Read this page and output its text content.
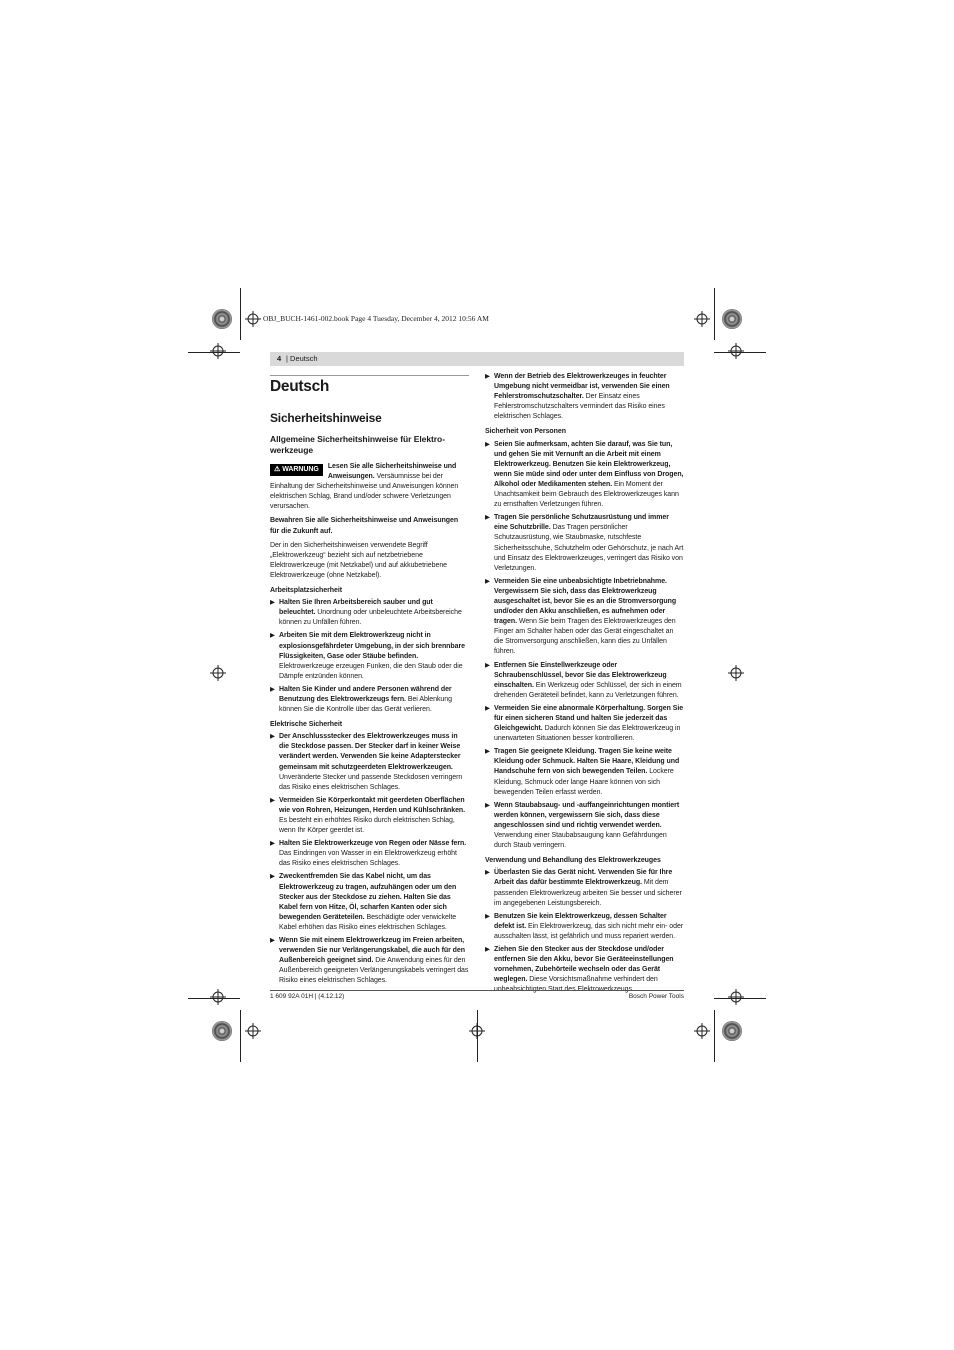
OBJ_BUCH-1461-002.book Page 4 Tuesday, December 4, 2012 10:56 AM
4 | Deutsch
Deutsch
Sicherheitshinweise
Allgemeine Sicherheitshinweise für Elektro-werkzeuge

⚠ WARNUNG	Lesen Sie alle Sicherheitshinweise und Anweisungen. Versäumnisse bei der Einhaltung der Sicherheitshinweise und Anweisungen können elektrischen Schlag, Brand und/oder schwere Verletzungen verursachen.

Bewahren Sie alle Sicherheitshinweise und Anweisungen für die Zukunft auf.

Der in den Sicherheitshinweisen verwendete Begriff „Elektrowerkzeug“ bezieht sich auf netzbetriebene Elektrowerkzeuge (mit Netzkabel) und auf akkubetriebene Elektrowerkzeuge (ohne Netzkabel).

Arbeitsplatzsicherheit
▶ Halten Sie Ihren Arbeitsbereich sauber und gut beleuchtet. Unordnung oder unbeleuchtete Arbeitsbereiche können zu Unfällen führen.
▶ Arbeiten Sie mit dem Elektrowerkzeug nicht in explosionsgefährdeter Umgebung, in der sich brennbare Flüssigkeiten, Gase oder Stäube befinden. Elektrowerkzeuge erzeugen Funken, die den Staub oder die Dämpfe entzünden können.
▶ Halten Sie Kinder und andere Personen während der Benutzung des Elektrowerkzeugs fern. Bei Ablenkung können Sie die Kontrolle über das Gerät verlieren.
Elektrische Sicherheit
▶ Der Anschlussstecker des Elektrowerkzeuges muss in die Steckdose passen. Der Stecker darf in keiner Weise verändert werden. Verwenden Sie keine Adapterstecker gemeinsam mit schutzgeerdeten Elektrowerkzeugen. Unveränderte Stecker und passende Steckdosen verringern das Risiko eines elektrischen Schlages.
▶ Vermeiden Sie Körperkontakt mit geerdeten Oberflächen wie von Rohren, Heizungen, Herden und Kühlschränken. Es besteht ein erhöhtes Risiko durch elektrischen Schlag, wenn Ihr Körper geerdet ist.
▶ Halten Sie Elektrowerkzeuge von Regen oder Nässe fern. Das Eindringen von Wasser in ein Elektrowerkzeug erhöht das Risiko eines elektrischen Schlages.
▶ Zweckentfremden Sie das Kabel nicht, um das Elektrowerkzeug zu tragen, aufzuhängen oder um den Stecker aus der Steckdose zu ziehen. Halten Sie das Kabel fern von Hitze, Öl, scharfen Kanten oder sich bewegenden Geräteteilen. Beschädigte oder verwickelte Kabel erhöhen das Risiko eines elektrischen Schlages.
▶ Wenn Sie mit einem Elektrowerkzeug im Freien arbeiten, verwenden Sie nur Verlängerungskabel, die auch für den Außenbereich geeignet sind. Die Anwendung eines für den Außenbereich geeigneten Verlängerungskabels verringert das Risiko eines elektrischen Schlages.
▶ Wenn der Betrieb des Elektrowerkzeuges in feuchter Umgebung nicht vermeidbar ist, verwenden Sie einen Fehlerstromschutzschalter. Der Einsatz eines Fehlerstromschutzschalters vermindert das Risiko eines elektrischen Schlages.
Sicherheit von Personen
▶ Seien Sie aufmerksam, achten Sie darauf, was Sie tun, und gehen Sie mit Vernunft an die Arbeit mit einem Elektrowerkzeug. Benutzen Sie kein Elektrowerkzeug, wenn Sie müde sind oder unter dem Einfluss von Drogen, Alkohol oder Medikamenten stehen. Ein Moment der Unachtsamkeit beim Gebrauch des Elektrowerkzeuges kann zu ernsthaften Verletzungen führen.
▶ Tragen Sie persönliche Schutzausrüstung und immer eine Schutzbrille. Das Tragen persönlicher Schutzausrüstung, wie Staubmaske, rutschfeste Sicherheitsschuhe, Schutzhelm oder Gehörschutz, je nach Art und Einsatz des Elektrowerkzeuges, verringert das Risiko von Verletzungen.
▶ Vermeiden Sie eine unbeabsichtigte Inbetriebnahme. Vergewissern Sie sich, dass das Elektrowerkzeug ausgeschaltet ist, bevor Sie es an die Stromversorgung und/oder den Akku anschließen, es aufnehmen oder tragen. Wenn Sie beim Tragen des Elektrowerkzeuges den Finger am Schalter haben oder das Gerät eingeschaltet an die Stromversorgung anschließen, kann dies zu Unfällen führen.
▶ Entfernen Sie Einstellwerkzeuge oder Schraubenschlüssel, bevor Sie das Elektrowerkzeug einschalten. Ein Werkzeug oder Schlüssel, der sich in einem drehenden Geräteteil befindet, kann zu Verletzungen führen.
▶ Vermeiden Sie eine abnormale Körperhaltung. Sorgen Sie für einen sicheren Stand und halten Sie jederzeit das Gleichgewicht. Dadurch können Sie das Elektrowerkzeug in unerwarteten Situationen besser kontrollieren.
▶ Tragen Sie geeignete Kleidung. Tragen Sie keine weite Kleidung oder Schmuck. Halten Sie Haare, Kleidung und Handschuhe fern von sich bewegenden Teilen. Lockere Kleidung, Schmuck oder lange Haare können von sich bewegenden Teilen erfasst werden.
▶ Wenn Staubabsaug- und -auffangeinrichtungen montiert werden können, vergewissern Sie sich, dass diese angeschlossen sind und richtig verwendet werden. Verwendung einer Staubabsaugung kann Gefährdungen durch Staub verringern.
Verwendung und Behandlung des Elektrowerkzeuges
▶ Überlasten Sie das Gerät nicht. Verwenden Sie für Ihre Arbeit das dafür bestimmte Elektrowerkzeug. Mit dem passenden Elektrowerkzeug arbeiten Sie besser und sicherer im angegebenen Leistungsbereich.
▶ Benutzen Sie kein Elektrowerkzeug, dessen Schalter defekt ist. Ein Elektrowerkzeug, das sich nicht mehr ein- oder ausschalten lässt, ist gefährlich und muss repariert werden.
▶ Ziehen Sie den Stecker aus der Steckdose und/oder entfernen Sie den Akku, bevor Sie Geräteeinstellungen vornehmen, Zubehörteile wechseln oder das Gerät weglegen. Diese Vorsichtsmaßnahme verhindert den
1 609 92A 01H | (4.12.12)	Bosch Power Tools
